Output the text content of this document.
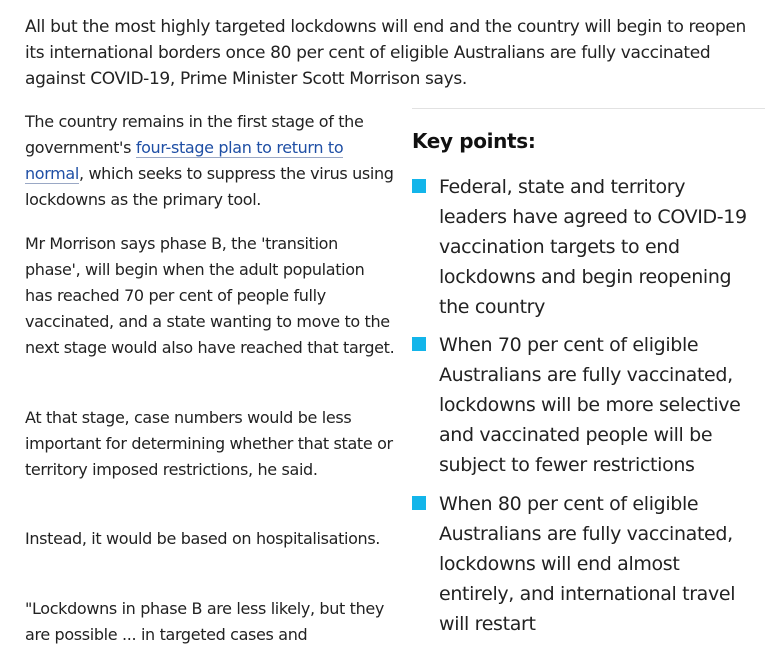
All but the most highly targeted lockdowns will end and the country will begin to reopen its international borders once 80 per cent of eligible Australians are fully vaccinated against COVID-19, Prime Minister Scott Morrison says.

The country remains in the first stage of the government's four-stage plan to return to normal, which seeks to suppress the virus using lockdowns as the primary tool.

Mr Morrison says phase B, the 'transition phase', will begin when the adult population has reached 70 per cent of people fully vaccinated, and a state wanting to move to the next stage would also have reached that target.

At that stage, case numbers would be less important for determining whether that state or territory imposed restrictions, he said.

Instead, it would be based on hospitalisations.

"Lockdowns in phase B are less likely, but they are possible ... in targeted cases and

Key points:
Federal, state and territory leaders have agreed to COVID-19 vaccination targets to end lockdowns and begin reopening the country
When 70 per cent of eligible Australians are fully vaccinated, lockdowns will be more selective and vaccinated people will be subject to fewer restrictions
When 80 per cent of eligible Australians are fully vaccinated, lockdowns will end almost entirely, and international travel will restart
